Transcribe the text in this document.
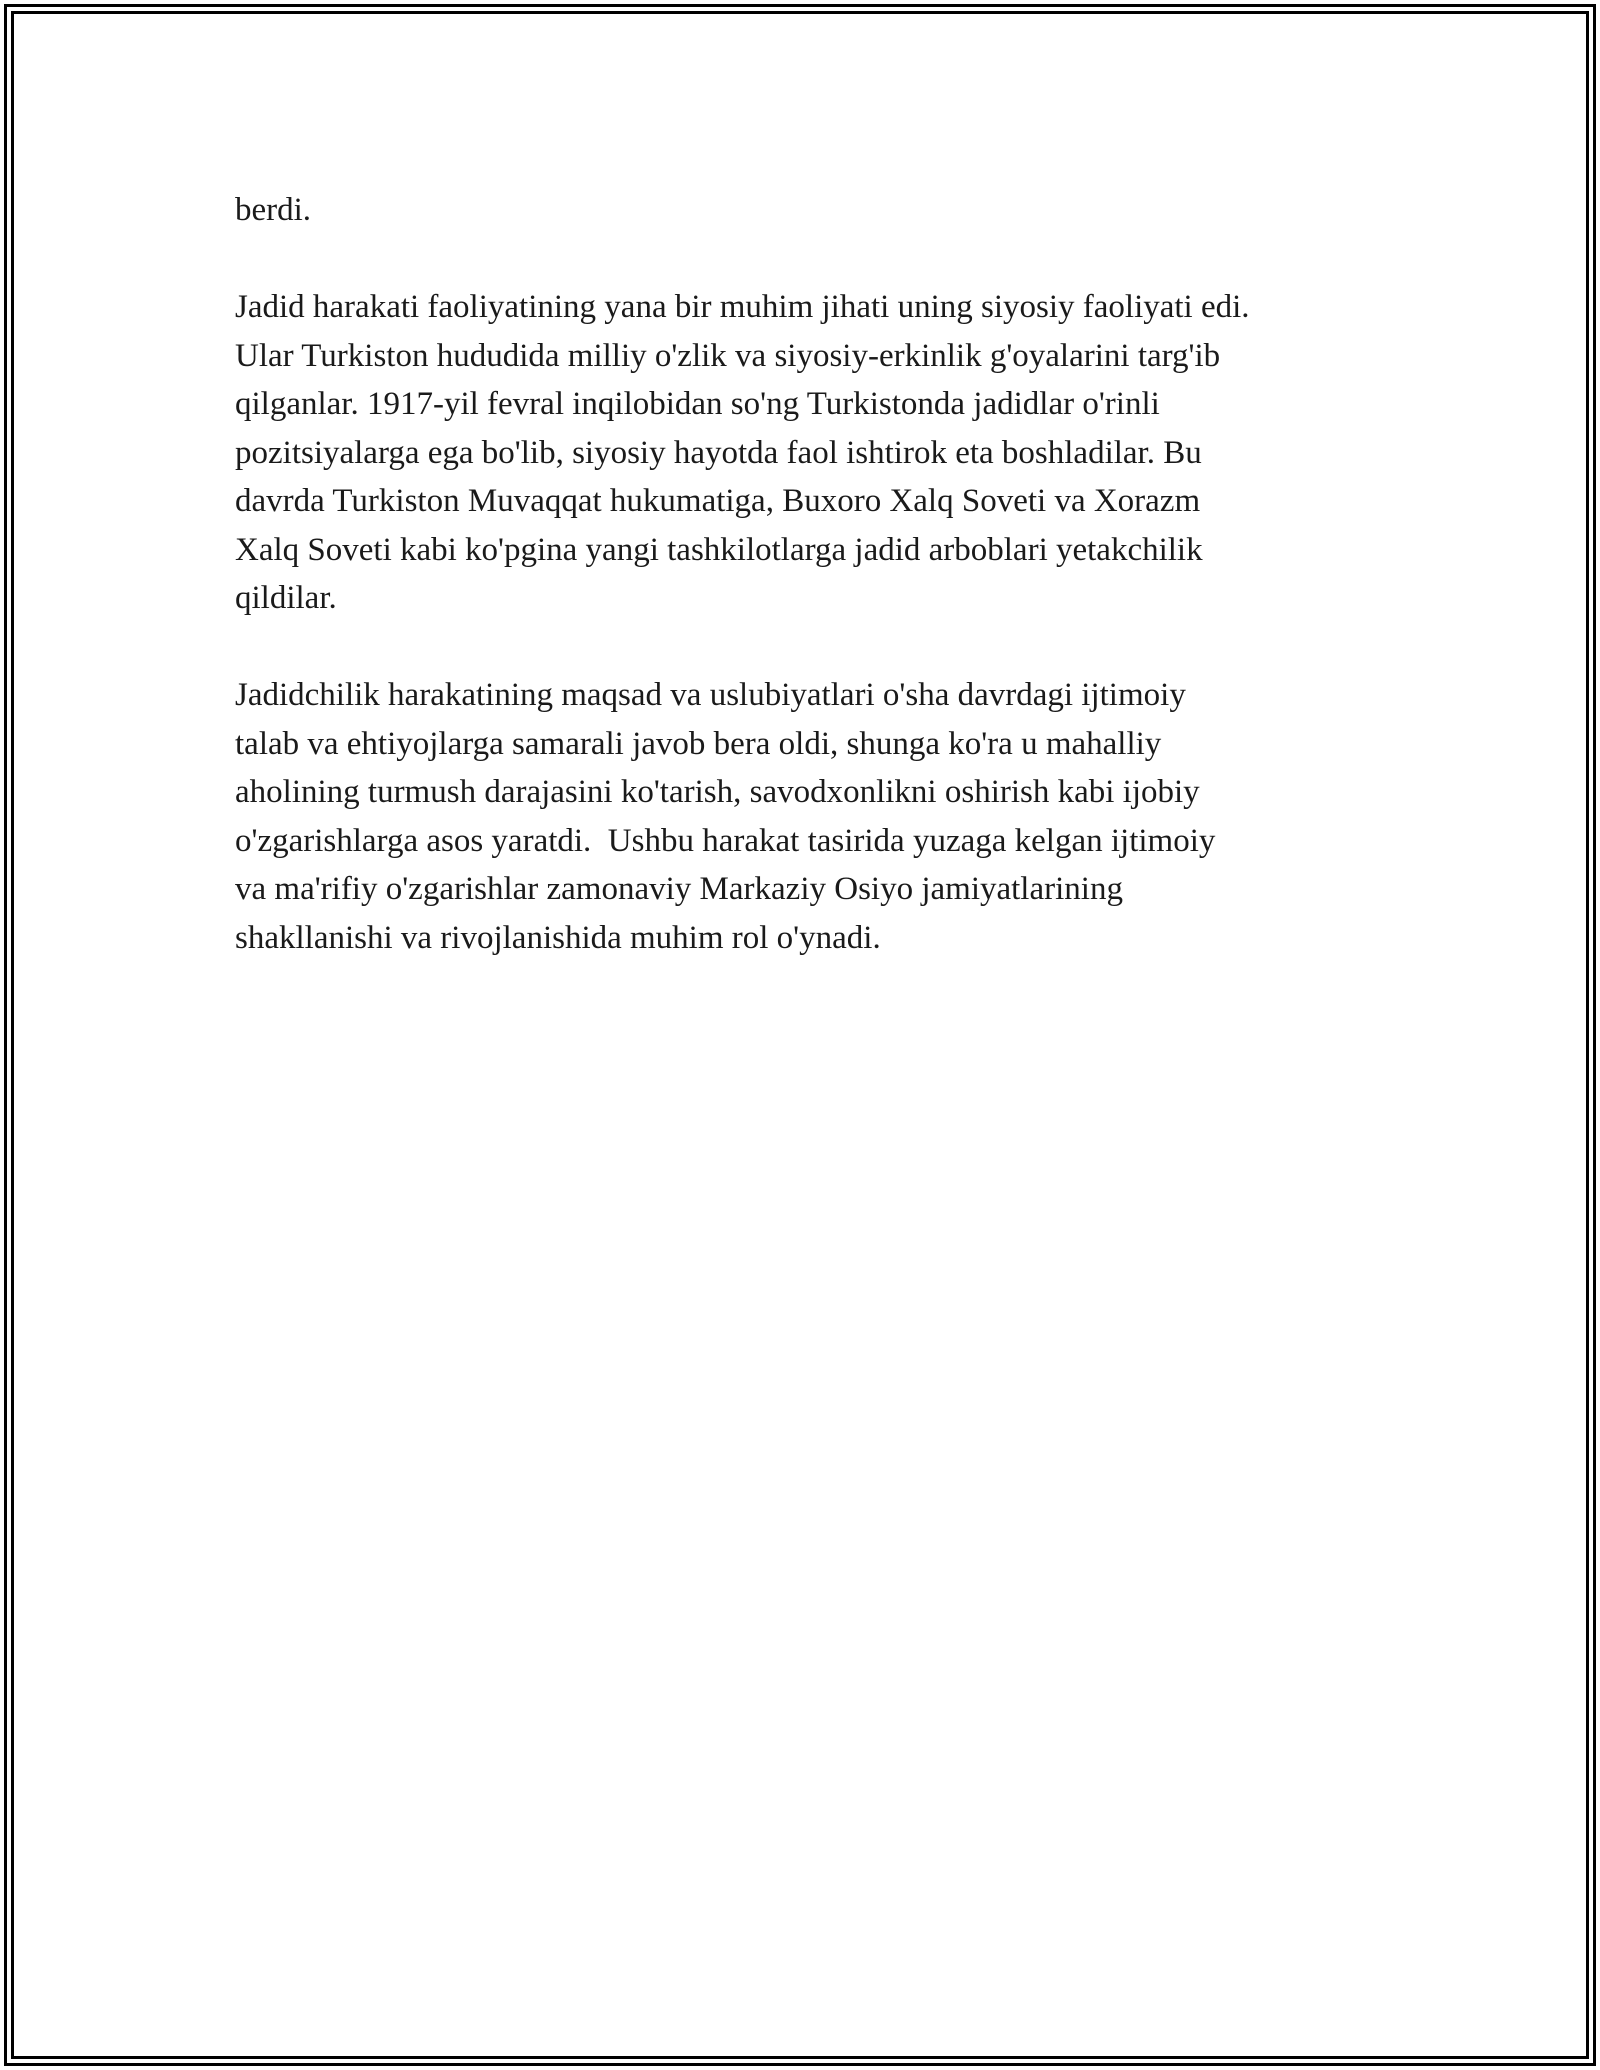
berdi.

Jadid harakati faoliyatining yana bir muhim jihati uning siyosiy faoliyati edi.

Ular Turkiston hududida milliy o'zlik va siyosiy-erkinlik g'oyalarini targ'ib

qilganlar. 1917-yil fevral inqilobidan so'ng Turkistonda jadidlar o'rinli

pozitsiyalarga ega bo'lib, siyosiy hayotda faol ishtirok eta boshladilar. Bu

davrda Turkiston Muvaqqat hukumatiga, Buxoro Xalq Soveti va Xorazm

Xalq Soveti kabi ko'pgina yangi tashkilotlarga jadid arboblari yetakchilik

qildilar.

Jadidchilik harakatining maqsad va uslubiyatlari o'sha davrdagi ijtimoiy

talab va ehtiyojlarga samarali javob bera oldi, shunga ko'ra u mahalliy

aholining turmush darajasini ko'tarish, savodxonlikni oshirish kabi ijobiy

o'zgarishlarga asos yaratdi.  Ushbu harakat tasirida yuzaga kelgan ijtimoiy

va ma'rifiy o'zgarishlar zamonaviy Markaziy Osiyo jamiyatlarining

shakllanishi va rivojlanishida muhim rol o'ynadi.
